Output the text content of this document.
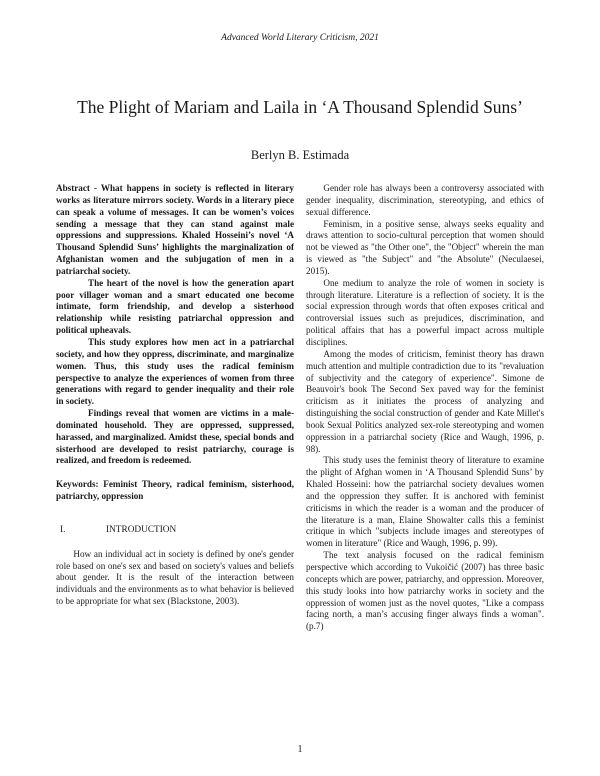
Advanced World Literary Criticism, 2021
The Plight of Mariam and Laila in ‘A Thousand Splendid Suns’
Berlyn B. Estimada

Abstract - What happens in society is reflected in literary works as literature mirrors society. Words in a literary piece can speak a volume of messages. It can be women’s voices sending a message that they can stand against male oppressions and suppressions. Khaled Hosseini’s novel ‘A Thousand Splendid Suns’ highlights the marginalization of Afghanistan women and the subjugation of men in a patriarchal society.

The heart of the novel is how the generation apart poor villager woman and a smart educated one become intimate, form friendship, and develop a sisterhood relationship while resisting patriarchal oppression and political upheavals.

This study explores how men act in a patriarchal society, and how they oppress, discriminate, and marginalize women. Thus, this study uses the radical feminism perspective to analyze the experiences of women from three generations with regard to gender inequality and their role in society.

Findings reveal that women are victims in a male-dominated household. They are oppressed, suppressed, harassed, and marginalized. Amidst these, special bonds and sisterhood are developed to resist patriarchy, courage is realized, and freedom is redeemed.

Keywords: Feminist Theory, radical feminism, sisterhood, patriarchy, oppression

I.	INTRODUCTION

How an individual act in society is defined by one's gender role based on one's sex and based on society's values and beliefs about gender. It is the result of the interaction between individuals and the environments as to what behavior is believed to be appropriate for what sex (Blackstone, 2003).

Gender role has always been a controversy associated with gender inequality, discrimination, stereotyping, and ethics of sexual difference.

Feminism, in a positive sense, always seeks equality and draws attention to socio-cultural perception that women should not be viewed as "the Other one", the "Object" wherein the man is viewed as "the Subject" and "the Absolute" (Neculaesei, 2015).

One medium to analyze the role of women in society is through literature. Literature is a reflection of society. It is the social expression through words that often exposes critical and controversial issues such as prejudices, discrimination, and political affairs that has a powerful impact across multiple disciplines.

Among the modes of criticism, feminist theory has drawn much attention and multiple contradiction due to its "revaluation of subjectivity and the category of experience". Simone de Beauvoir's book The Second Sex paved way for the feminist criticism as it initiates the process of analyzing and distinguishing the social construction of gender and Kate Millet's book Sexual Politics analyzed sex-role stereotyping and women oppression in a patriarchal society (Rice and Waugh, 1996, p. 98).

This study uses the feminist theory of literature to examine the plight of Afghan women in ‘A Thousand Splendid Suns’ by Khaled Hosseini: how the patriarchal society devalues women and the oppression they suffer. It is anchored with feminist criticisms in which the reader is a woman and the producer of the literature is a man, Elaine Showalter calls this a feminist critique in which "subjects include images and stereotypes of women in literature" (Rice and Waugh, 1996, p. 99).

The text analysis focused on the radical feminism perspective which according to Vukoičić (2007) has three basic concepts which are power, patriarchy, and oppression. Moreover, this study looks into how patriarchy works in society and the oppression of women just as the novel quotes, "Like a compass facing north, a man’s accusing finger always finds a woman".(p.7)

1
